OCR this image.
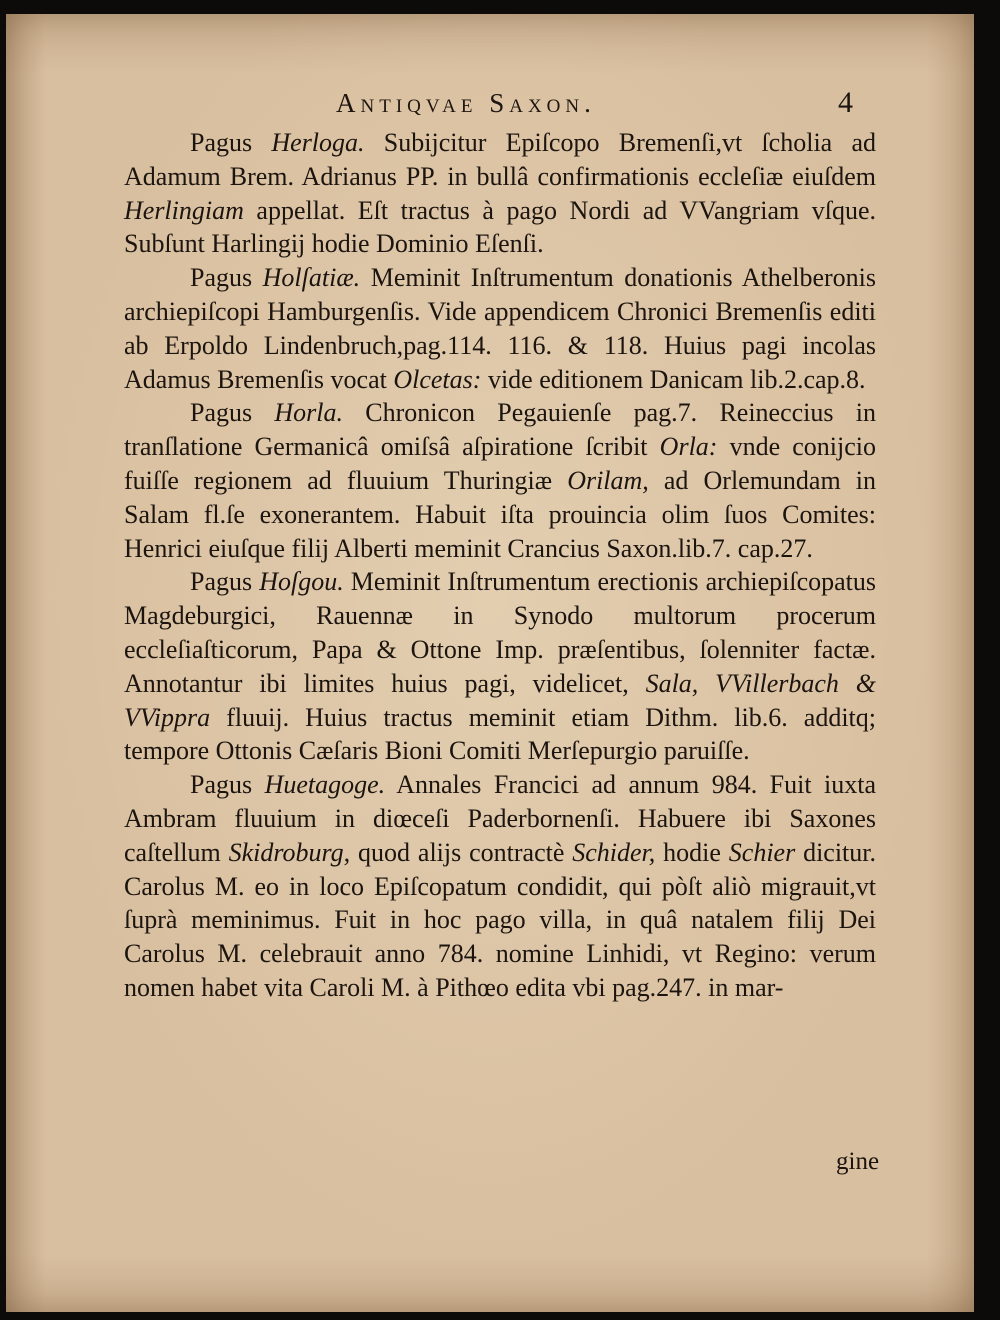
Antiqvae Saxon.	4

Pagus Herloga. Subijcitur Epiſcopo Bremenſi,vt ſcholia ad Adamum Brem. Adrianus PP. in bullâ confirmationis eccleſiæ eiuſdem Herlingiam appellat. Eſt tractus à pago Nordi ad VVangriam vſque. Subſunt Harlingij hodie Dominio Eſenſi.

Pagus Holſatiæ. Meminit Inſtrumentum donationis Athelberonis archiepiſcopi Hamburgenſis. Vide appendicem Chronici Bremenſis editi ab Erpoldo Lindenbruch,pag.114. 116. & 118. Huius pagi incolas Adamus Bremenſis vocat Olcetas: vide editionem Danicam lib.2.cap.8.

Pagus Horla. Chronicon Pegauienſe pag.7. Reineccius in tranſlatione Germanicâ omiſsâ aſpiratione ſcribit Orla: vnde conijcio fuiſſe regionem ad fluuium Thuringiæ Orilam, ad Orlemundam in Salam fl.ſe exonerantem. Habuit iſta prouincia olim ſuos Comites: Henrici eiuſque filij Alberti meminit Crancius Saxon.lib.7. cap.27.

Pagus Hoſgou. Meminit Inſtrumentum erectionis archiepiſcopatus Magdeburgici, Rauennæ in Synodo multorum procerum eccleſiaſticorum, Papa & Ottone Imp. præſentibus, ſolenniter factæ. Annotantur ibi limites huius pagi, videlicet, Sala, VVillerbach & VVippra fluuij. Huius tractus meminit etiam Dithm. lib.6. additq; tempore Ottonis Cæſaris Bioni Comiti Merſepurgio paruiſſe.

Pagus Huetagoge. Annales Francici ad annum 984. Fuit iuxta Ambram fluuium in diœceſi Paderbornenſi. Habuere ibi Saxones caſtellum Skidroburg, quod alijs contractè Schider, hodie Schier dicitur. Carolus M. eo in loco Epiſcopatum condidit, qui pòſt aliò migrauit,vt ſuprà meminimus. Fuit in hoc pago villa, in quâ natalem filij Dei Carolus M. celebrauit anno 784. nomine Linhidi, vt Regino: verum nomen habet vita Caroli M. à Pithœo edita vbi pag.247. in mar-

gine
